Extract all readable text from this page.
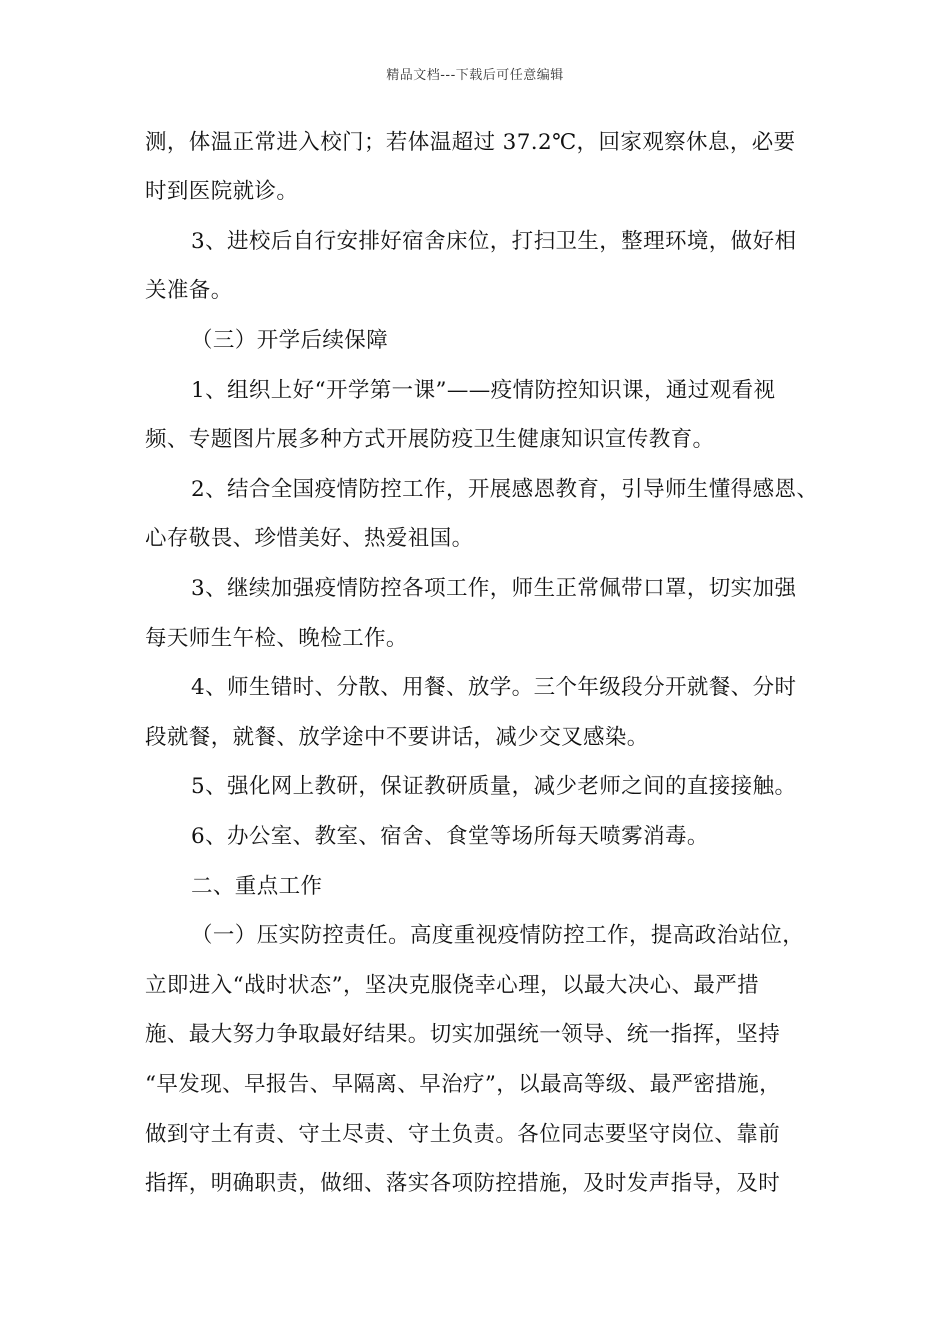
精品文档---下载后可任意编辑
测，体温正常进入校门；若体温超过 37.2℃，回家观察休息，必要
时到医院就诊。
3、进校后自行安排好宿舍床位，打扫卫生，整理环境，做好相
关准备。
（三）开学后续保障
1、组织上好“开学第一课”——疫情防控知识课，通过观看视
频、专题图片展多种方式开展防疫卫生健康知识宣传教育。
2、结合全国疫情防控工作，开展感恩教育，引导师生懂得感恩、
心存敬畏、珍惜美好、热爱祖国。
3、继续加强疫情防控各项工作，师生正常佩带口罩，切实加强
每天师生午检、晚检工作。
4、师生错时、分散、用餐、放学。三个年级段分开就餐、分时
段就餐，就餐、放学途中不要讲话，减少交叉感染。
5、强化网上教研，保证教研质量，减少老师之间的直接接触。
6、办公室、教室、宿舍、食堂等场所每天喷雾消毒。
二、重点工作
（一）压实防控责任。高度重视疫情防控工作，提高政治站位，
立即进入“战时状态”，坚决克服侥幸心理，以最大决心、最严措
施、最大努力争取最好结果。切实加强统一领导、统一指挥，坚持
“早发现、早报告、早隔离、早治疗”，以最高等级、最严密措施，
做到守土有责、守土尽责、守土负责。各位同志要坚守岗位、靠前
指挥，明确职责，做细、落实各项防控措施，及时发声指导，及时
